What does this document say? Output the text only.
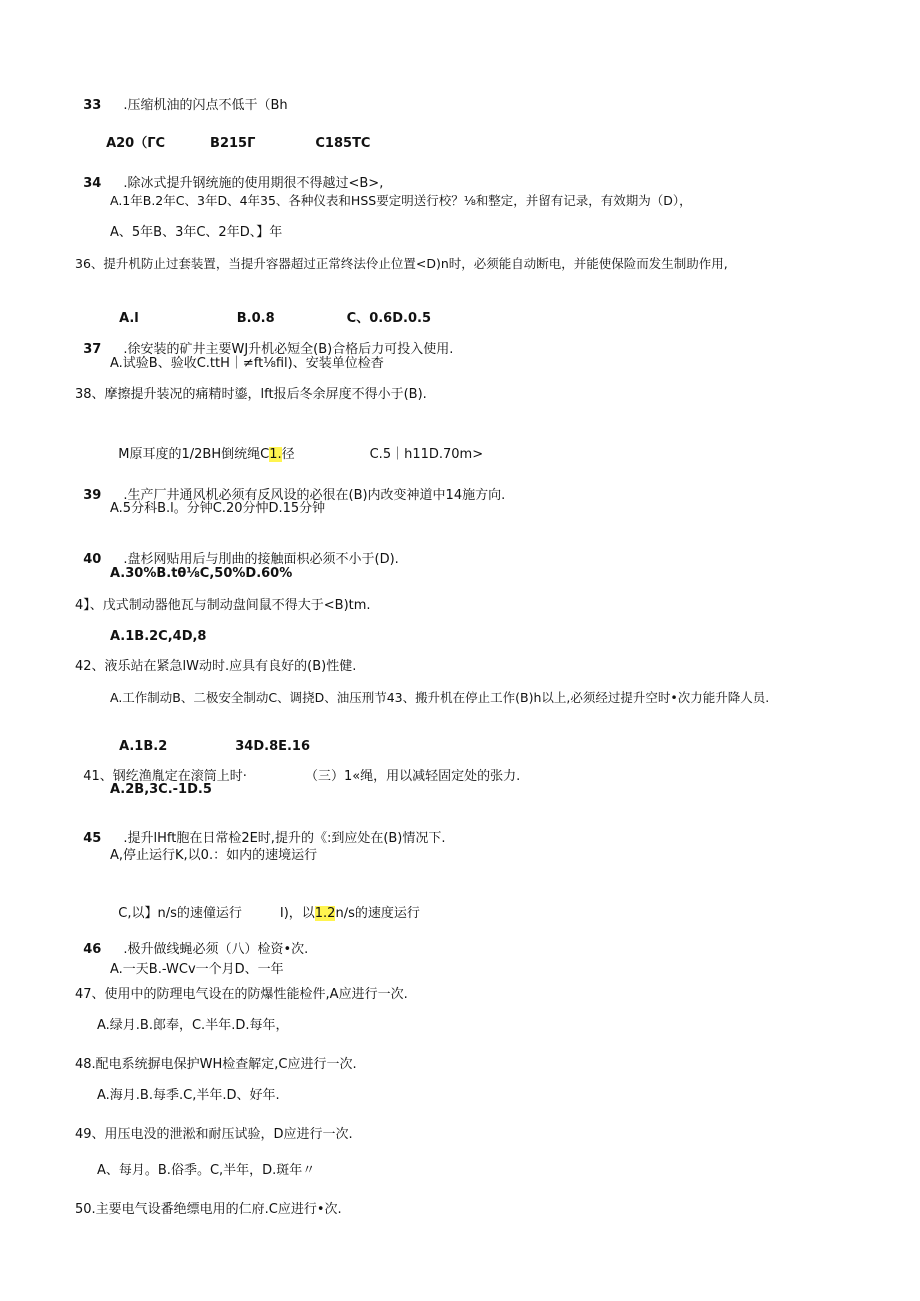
33 .压缩机油的闪点不低干（Bh

A20（ΓC	B215Γ	C185TC

34 .除冰式提升钢统施的使用期很不得越过<B>,

A.1年B.2年C、3年D、4年35、各种仪表和HSS要定明送行校？⅛和整定，并留有记录，有效期为（D），
A、5年B、3年C、2年D、】年
36、提升机防止过套装置，当提升容器超过正常终法伶止位置<D)n时，必须能自动断电，并能使保险而发生制助作用,

A.l	B.0.8	C、0.6D.0.5

37 .徐安装的矿井主要WJ升机必短全(B)合格后力可投入使用.

A.试验B、验收C.ttH｜≠ft⅛fil)、安装单位检杳
38、摩擦提升装况的痛精时鎏，lft报后冬余屏度不得小于(B).

M原耳度的1/2BH倒统绳C1.径	C.5｜h11D.70m>

39 .生产厂井通风机必须有反风设的必很在(B)内改变神道中14施方向.

A.5分科B.l。分钟C.20分忡D.15分钟

40 .盘杉网贴用后与刖曲的接触面枳必须不小于(D).

A.30%B.tθ⅛C,50%D.60%
4】、戊式制动器他瓦与制动盘间鼠不得大于<B)tm.
A.1B.2C,4D,8
42、液乐站在紧急lW动时.应具有良好的(B)性健.
A.工作制动B、二极安全制动C、调挠D、油压刑节43、搬升机在停止工作(B)h以上,必须经过提升空时•次力能升降人员.

A.1B.2	34D.8E.16

41、钢纥渔胤定在滚筒上时·	（三）1«绳，用以减轻固定处的张力.

A.2B,3C.-1D.5

45 .提升lHft胞在日常检2E时,提升的《:到应处在(B)情况下.

A,停止运行K,以0.：如内的速境运行

C,以】n/s的速僮运行	I)，以1.2n∕s的速度运行

46 .极升做线蝇必须（八）检资•次.

A.一天B.-WCv一个月D、一年
47、使用中的防理电气设在的防爆性能检件,A应进行一次.
A.绿月.B.郎奉，C.半年.D.每年，
48.配电系统摒电保护WH检查解定,C应进行一次.
A.海月.B.每季.C,半年.D、好年.
49、用压电没的泄淞和耐压试验，D应进行一次.
A、每月。B.俗季。C,半年，D.斑年〃
50.主要电气设番绝缥电用的仁府.C应进行•次.
